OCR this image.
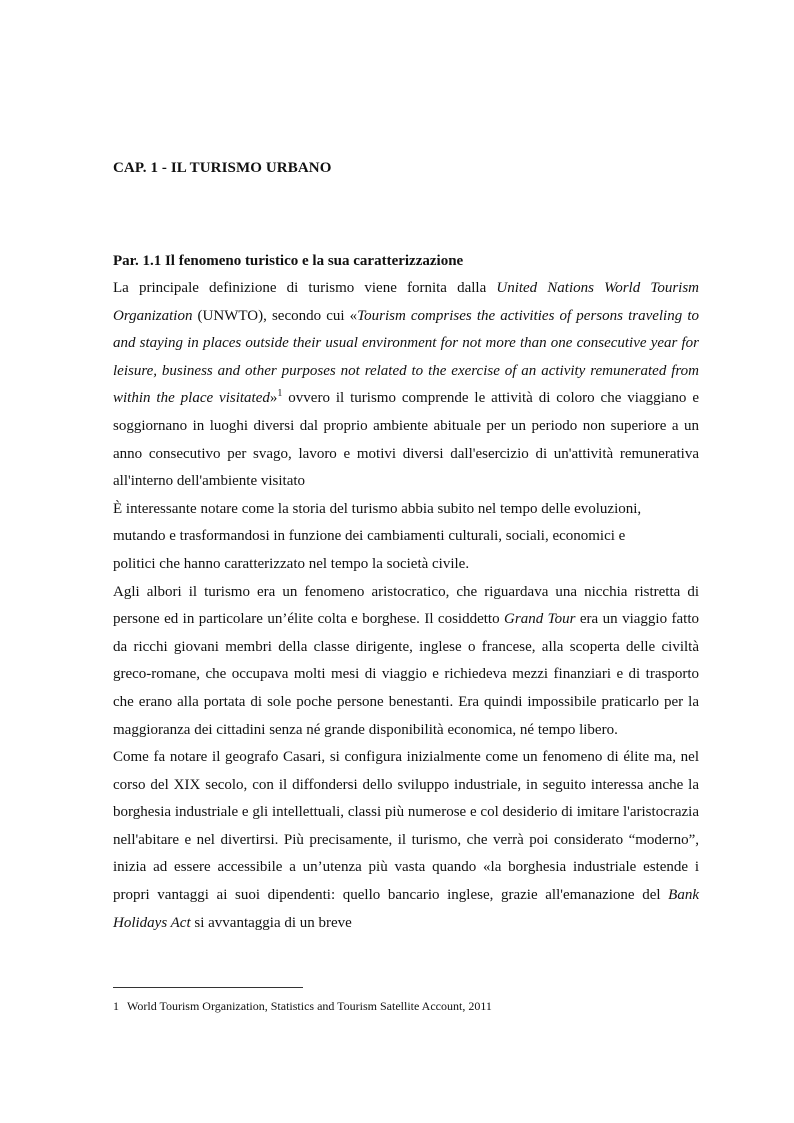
CAP. 1 - IL TURISMO URBANO
Par. 1.1 Il fenomeno turistico e la sua caratterizzazione

La principale definizione di turismo viene fornita dalla United Nations World Tourism Organization (UNWTO), secondo cui «Tourism comprises the activities of persons traveling to and staying in places outside their usual environment for not more than one consecutive year for leisure, business and other purposes not related to the exercise of an activity remunerated from within the place visitated»$^1$ ovvero il turismo comprende le attività di coloro che viaggiano e soggiornano in luoghi diversi dal proprio ambiente abituale per un periodo non superiore a un anno consecutivo per svago, lavoro e motivi diversi dall'esercizio di un'attività remunerativa all'interno dell'ambiente visitato

È interessante notare come la storia del turismo abbia subito nel tempo delle evoluzioni,
mutando e trasformandosi in funzione dei cambiamenti culturali, sociali, economici e
politici che hanno caratterizzato nel tempo la società civile.

Agli albori il turismo era un fenomeno aristocratico, che riguardava una nicchia ristretta di persone ed in particolare un’élite colta e borghese. Il cosiddetto Grand Tour era un viaggio fatto da ricchi giovani membri della classe dirigente, inglese o francese, alla scoperta delle civiltà greco-romane, che occupava molti mesi di viaggio e richiedeva mezzi finanziari e di trasporto che erano alla portata di sole poche persone benestanti. Era quindi impossibile praticarlo per la maggioranza dei cittadini senza né grande disponibilità economica, né tempo libero.

Come fa notare il geografo Casari, si configura inizialmente come un fenomeno di élite ma, nel corso del XIX secolo, con il diffondersi dello sviluppo industriale, in seguito interessa anche la borghesia industriale e gli intellettuali, classi più numerose e col desiderio di imitare l'aristocrazia nell'abitare e nel divertirsi. Più precisamente, il turismo, che verrà poi considerato “moderno”, inizia ad essere accessibile a un’utenza più vasta quando «la borghesia industriale estende i propri vantaggi ai suoi dipendenti: quello bancario inglese, grazie all'emanazione del Bank Holidays Act si avvantaggia di un breve

1 World Tourism Organization, Statistics and Tourism Satellite Account, 2011
